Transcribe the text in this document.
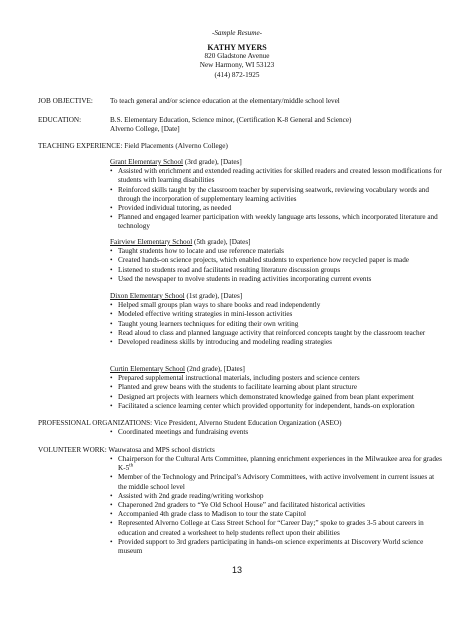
-Sample Resume-
KATHY MYERS
820 Gladstone Avenue
New Harmony, WI 53123
(414) 872-1925
JOB OBJECTIVE: To teach general and/or science education at the elementary/middle school level
EDUCATION:	B.S. Elementary Education, Science minor, (Certification K-8 General and Science)
Alverno College, [Date]
TEACHING EXPERIENCE: Field Placements (Alverno College)
Grant Elementary School (3rd grade), [Dates]
• Assisted with enrichment and extended reading activities for skilled readers and created lesson modifications for students with learning disabilities
• Reinforced skills taught by the classroom teacher by supervising seatwork, reviewing vocabulary words and through the incorporation of supplementary learning activities
• Provided individual tutoring, as needed
• Planned and engaged learner participation with weekly language arts lessons, which incorporated literature and technology
Fairview Elementary School (5th grade), [Dates]
• Taught students how to locate and use reference materials
• Created hands-on science projects, which enabled students to experience how recycled paper is made
• Listened to students read and facilitated resulting literature discussion groups
• Used the newspaper to nvolve students in reading activities incorporating current events
Dixon Elementary School (1st grade), [Dates]
• Helped small groups plan ways to share books and read independently
• Modeled effective writing strategies in mini-lesson activities
• Taught young learners techniques for editing their own writing
• Read aloud to class and planned language activity that reinforced concepts taught by the classroom teacher
• Developed readiness skills by introducing and modeling reading strategies
Curtin Elementary School (2nd grade), [Dates]
• Prepared supplemental instructional materials, including posters and science centers
• Planted and grew beans with the students to facilitate learning about plant structure
• Designed art projects with learners which demonstrated knowledge gained from bean plant experiment
• Facilitated a science learning center which provided opportunity for independent, hands-on exploration
PROFESSIONAL ORGANIZATIONS: Vice President, Alverno Student Education Organization (ASEO)
• Coordinated meetings and fundraising events
VOLUNTEER WORK: Wauwatosa and MPS school districts
• Chairperson for the Cultural Arts Committee, planning enrichment experiences in the Milwaukee area for grades K-5th
• Member of the Technology and Principal’s Advisory Committees, with active involvement in current issues at the middle school level
• Assisted with 2nd grade reading/writing workshop
• Chaperoned 2nd graders to “Ye Old School House” and facilitated historical activities
• Accompanied 4th grade class to Madison to tour the state Capitol
• Represented Alverno College at Cass Street School for “Career Day;” spoke to grades 3-5 about careers in education and created a worksheet to help students reflect upon their abilities
• Provided support to 3rd graders participating in hands-on science experiments at Discovery World science museum
13
